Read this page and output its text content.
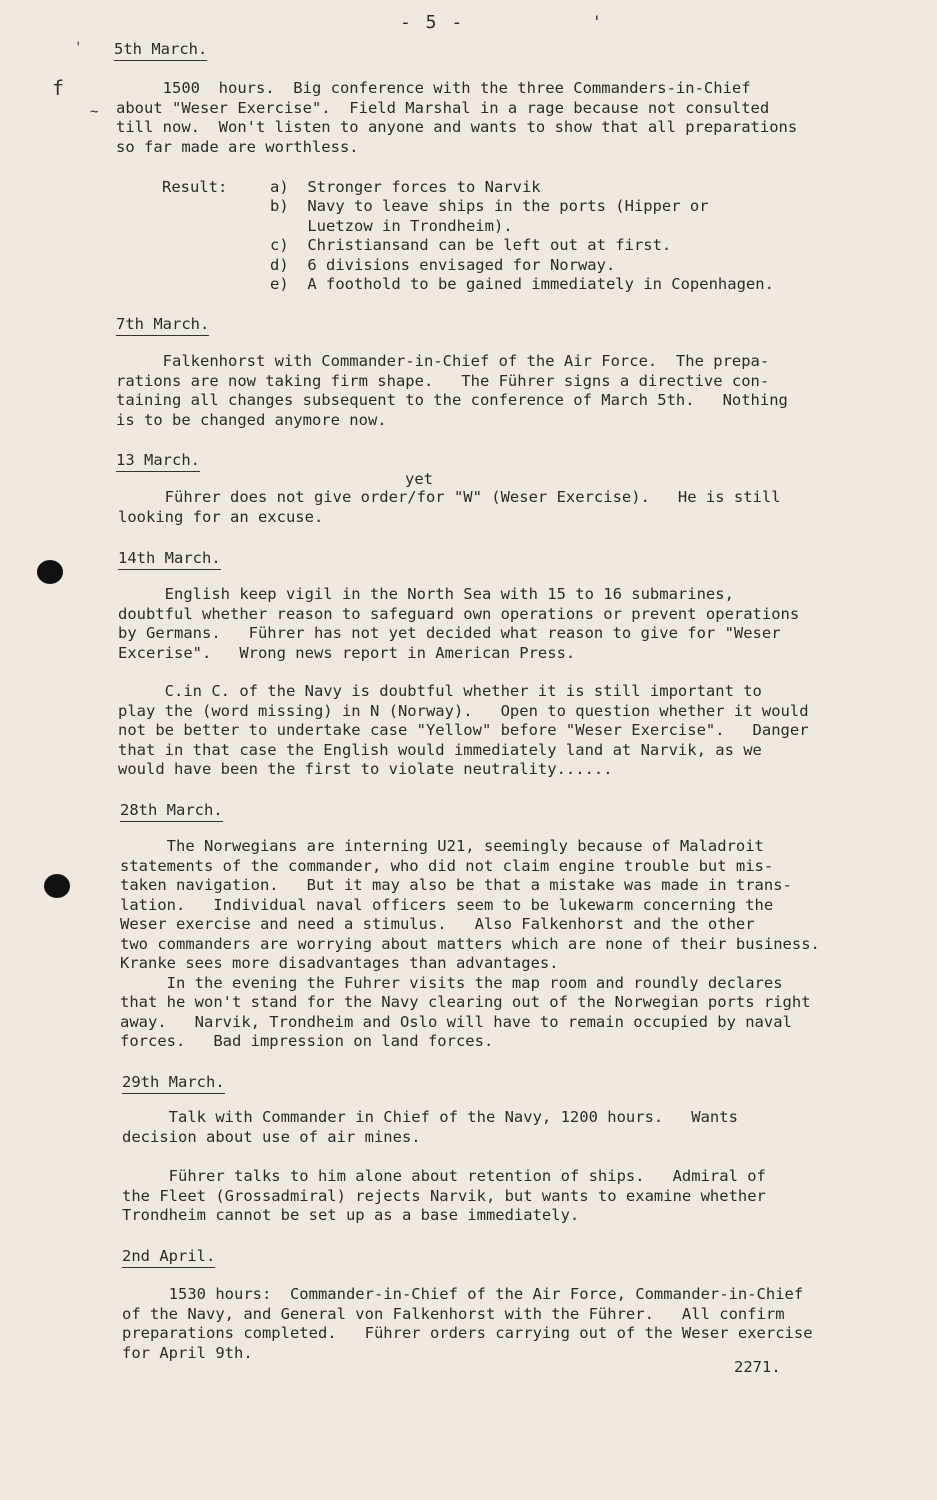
- 5 -	'
'
f
~
5th March.
1500  hours.  Big conference with the three Commanders-in-Chief
about "Weser Exercise".  Field Marshal in a rage because not consulted
till now.  Won't listen to anyone and wants to show that all preparations
so far made are worthless.
Result:	a)  Stronger forces to Narvik
b)  Navy to leave ships in the ports (Hipper or
Luetzow in Trondheim).
c)  Christiansand can be left out at first.
d)  6 divisions envisaged for Norway.
e)  A foothold to be gained immediately in Copenhagen.
7th March.
Falkenhorst with Commander-in-Chief of the Air Force.  The prepa-
rations are now taking firm shape.   The Führer signs a directive con-
taining all changes subsequent to the conference of March 5th.   Nothing
is to be changed anymore now.
13 March.
yet
Führer does not give order/for "W" (Weser Exercise).   He is still
looking for an excuse.
14th March.
English keep vigil in the North Sea with 15 to 16 submarines,
doubtful whether reason to safeguard own operations or prevent operations
by Germans.   Führer has not yet decided what reason to give for "Weser
Excerise".   Wrong news report in American Press.
C.in C. of the Navy is doubtful whether it is still important to
play the (word missing) in N (Norway).   Open to question whether it would
not be better to undertake case "Yellow" before "Weser Exercise".   Danger
that in that case the English would immediately land at Narvik, as we
would have been the first to violate neutrality......
28th March.
The Norwegians are interning U21, seemingly because of Maladroit
statements of the commander, who did not claim engine trouble but mis-
taken navigation.   But it may also be that a mistake was made in trans-
lation.   Individual naval officers seem to be lukewarm concerning the
Weser exercise and need a stimulus.   Also Falkenhorst and the other
two commanders are worrying about matters which are none of their business.
Kranke sees more disadvantages than advantages.
In the evening the Fuhrer visits the map room and roundly declares
that he won't stand for the Navy clearing out of the Norwegian ports right
away.   Narvik, Trondheim and Oslo will have to remain occupied by naval
forces.   Bad impression on land forces.
29th March.
Talk with Commander in Chief of the Navy, 1200 hours.   Wants
decision about use of air mines.
Führer talks to him alone about retention of ships.   Admiral of
the Fleet (Grossadmiral) rejects Narvik, but wants to examine whether
Trondheim cannot be set up as a base immediately.
2nd April.
1530 hours:  Commander-in-Chief of the Air Force, Commander-in-Chief
of the Navy, and General von Falkenhorst with the Führer.   All confirm
preparations completed.   Führer orders carrying out of the Weser exercise
for April 9th.
2271.
